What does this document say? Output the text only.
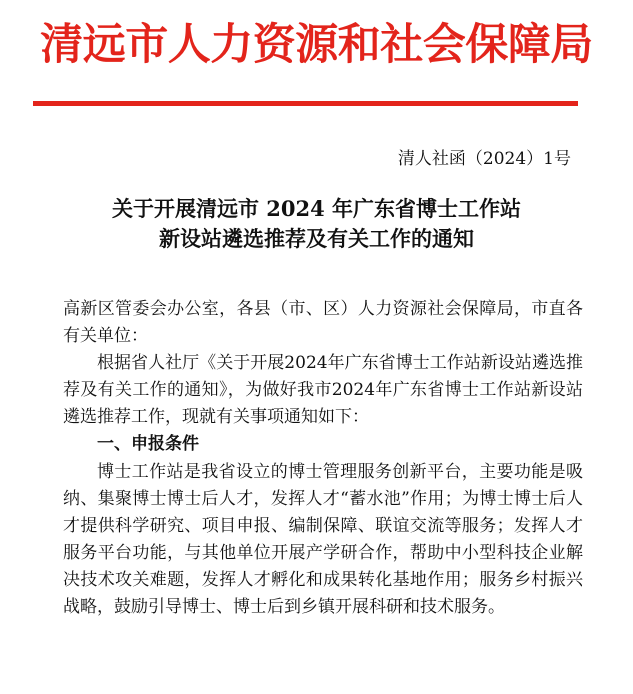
清远市人力资源和社会保障局
清人社函（2024）1号
关于开展清远市 2024 年广东省博士工作站
新设站遴选推荐及有关工作的通知

高新区管委会办公室，各县（市、区）人力资源社会保障局，市直各有关单位：

根据省人社厅《关于开展2024年广东省博士工作站新设站遴选推荐及有关工作的通知》，为做好我市2024年广东省博士工作站新设站遴选推荐工作，现就有关事项通知如下：

一、申报条件

博士工作站是我省设立的博士管理服务创新平台，主要功能是吸纳、集聚博士博士后人才，发挥人才“蓄水池”作用；为博士博士后人才提供科学研究、项目申报、编制保障、联谊交流等服务；发挥人才服务平台功能，与其他单位开展产学研合作，帮助中小型科技企业解决技术攻关难题，发挥人才孵化和成果转化基地作用；服务乡村振兴战略，鼓励引导博士、博士后到乡镇开展科研和技术服务。
